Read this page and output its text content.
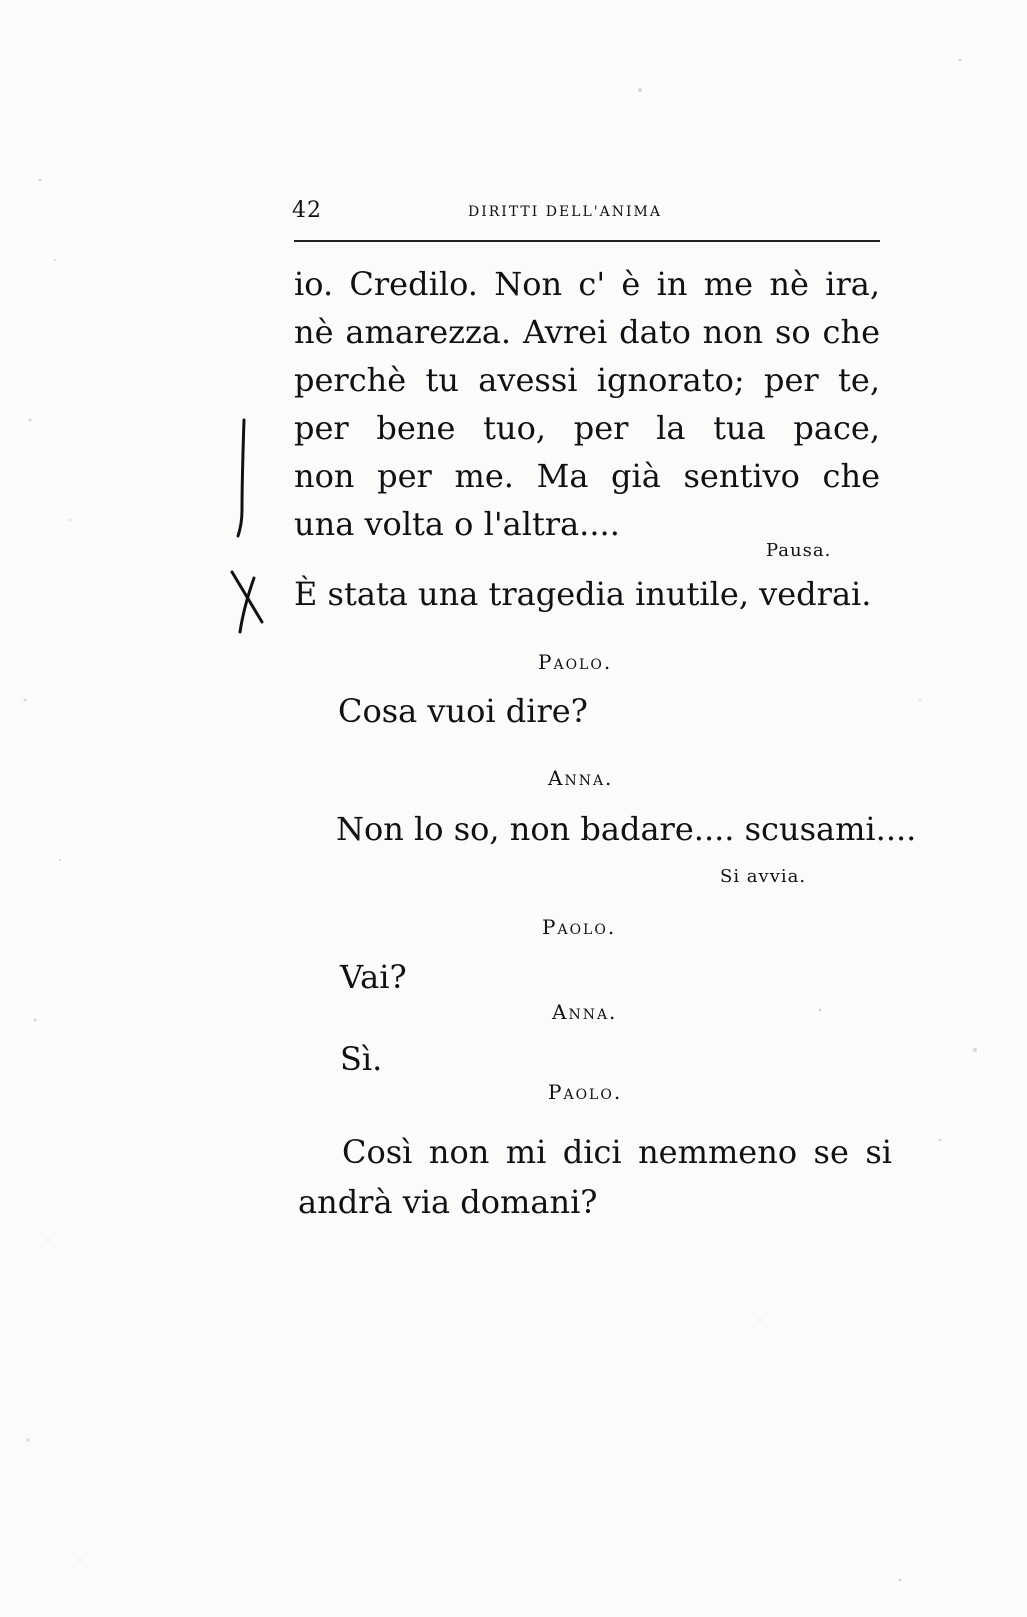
42	DIRITTI DELL'ANIMA
io. Credilo. Non c' è in me nè ira,
nè amarezza. Avrei dato non so che
perchè tu avessi ignorato; per te,
per bene tuo, per la tua pace,
non per me. Ma già sentivo che
una volta o l'altra....
Pausa.
È stata una tragedia inutile, vedrai.
Paolo.
Cosa vuoi dire?
Anna.
Non lo so, non badare.... scusami....
Si avvia.
Paolo.
Vai?
Anna.
Sì.
Paolo.
Così non mi dici nemmeno se si
andrà via domani?
